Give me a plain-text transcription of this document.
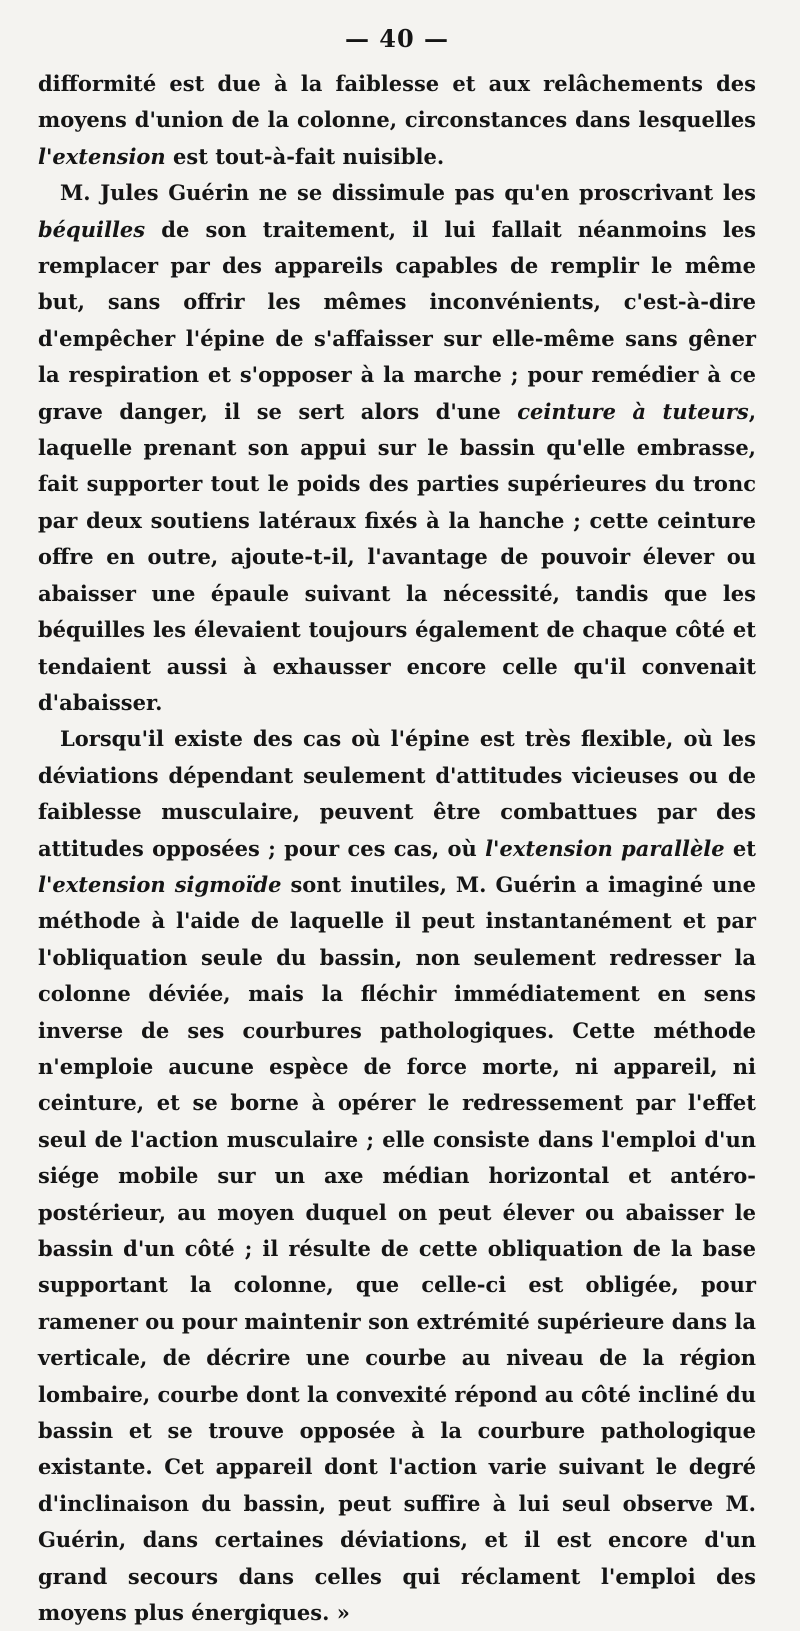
— 40 —

difformité est due à la faiblesse et aux relâchements des moyens d'union de la colonne, circonstances dans lesquelles l'extension est tout-à-fait nuisible.

M. Jules Guérin ne se dissimule pas qu'en proscrivant les béquilles de son traitement, il lui fallait néanmoins les remplacer par des appareils capables de remplir le même but, sans offrir les mêmes inconvénients, c'est-à-dire d'empêcher l'épine de s'affaisser sur elle-même sans gêner la respiration et s'opposer à la marche ; pour remédier à ce grave danger, il se sert alors d'une ceinture à tuteurs, laquelle prenant son appui sur le bassin qu'elle embrasse, fait supporter tout le poids des parties supérieures du tronc par deux soutiens latéraux fixés à la hanche ; cette ceinture offre en outre, ajoute-t-il, l'avantage de pouvoir élever ou abaisser une épaule suivant la nécessité, tandis que les béquilles les élevaient toujours également de chaque côté et tendaient aussi à exhausser encore celle qu'il convenait d'abaisser.

Lorsqu'il existe des cas où l'épine est très flexible, où les déviations dépendant seulement d'attitudes vicieuses ou de faiblesse musculaire, peuvent être combattues par des attitudes opposées ; pour ces cas, où l'extension parallèle et l'extension sigmoïde sont inutiles, M. Guérin a imaginé une méthode à l'aide de laquelle il peut instantanément et par l'obliquation seule du bassin, non seulement redresser la colonne déviée, mais la fléchir immédiatement en sens inverse de ses courbures pathologiques. Cette méthode n'emploie aucune espèce de force morte, ni appareil, ni ceinture, et se borne à opérer le redressement par l'effet seul de l'action musculaire ; elle consiste dans l'emploi d'un siége mobile sur un axe médian horizontal et antéro-postérieur, au moyen duquel on peut élever ou abaisser le bassin d'un côté ; il résulte de cette obliquation de la base supportant la colonne, que celle-ci est obligée, pour ramener ou pour maintenir son extrémité supérieure dans la verticale, de décrire une courbe au niveau de la région lombaire, courbe dont la convexité répond au côté incliné du bassin et se trouve opposée à la courbure pathologique existante. Cet appareil dont l'action varie suivant le degré d'inclinaison du bassin, peut suffire à lui seul observe M. Guérin, dans certaines déviations, et il est encore d'un grand secours dans celles qui réclament l'emploi des moyens plus énergiques. »
